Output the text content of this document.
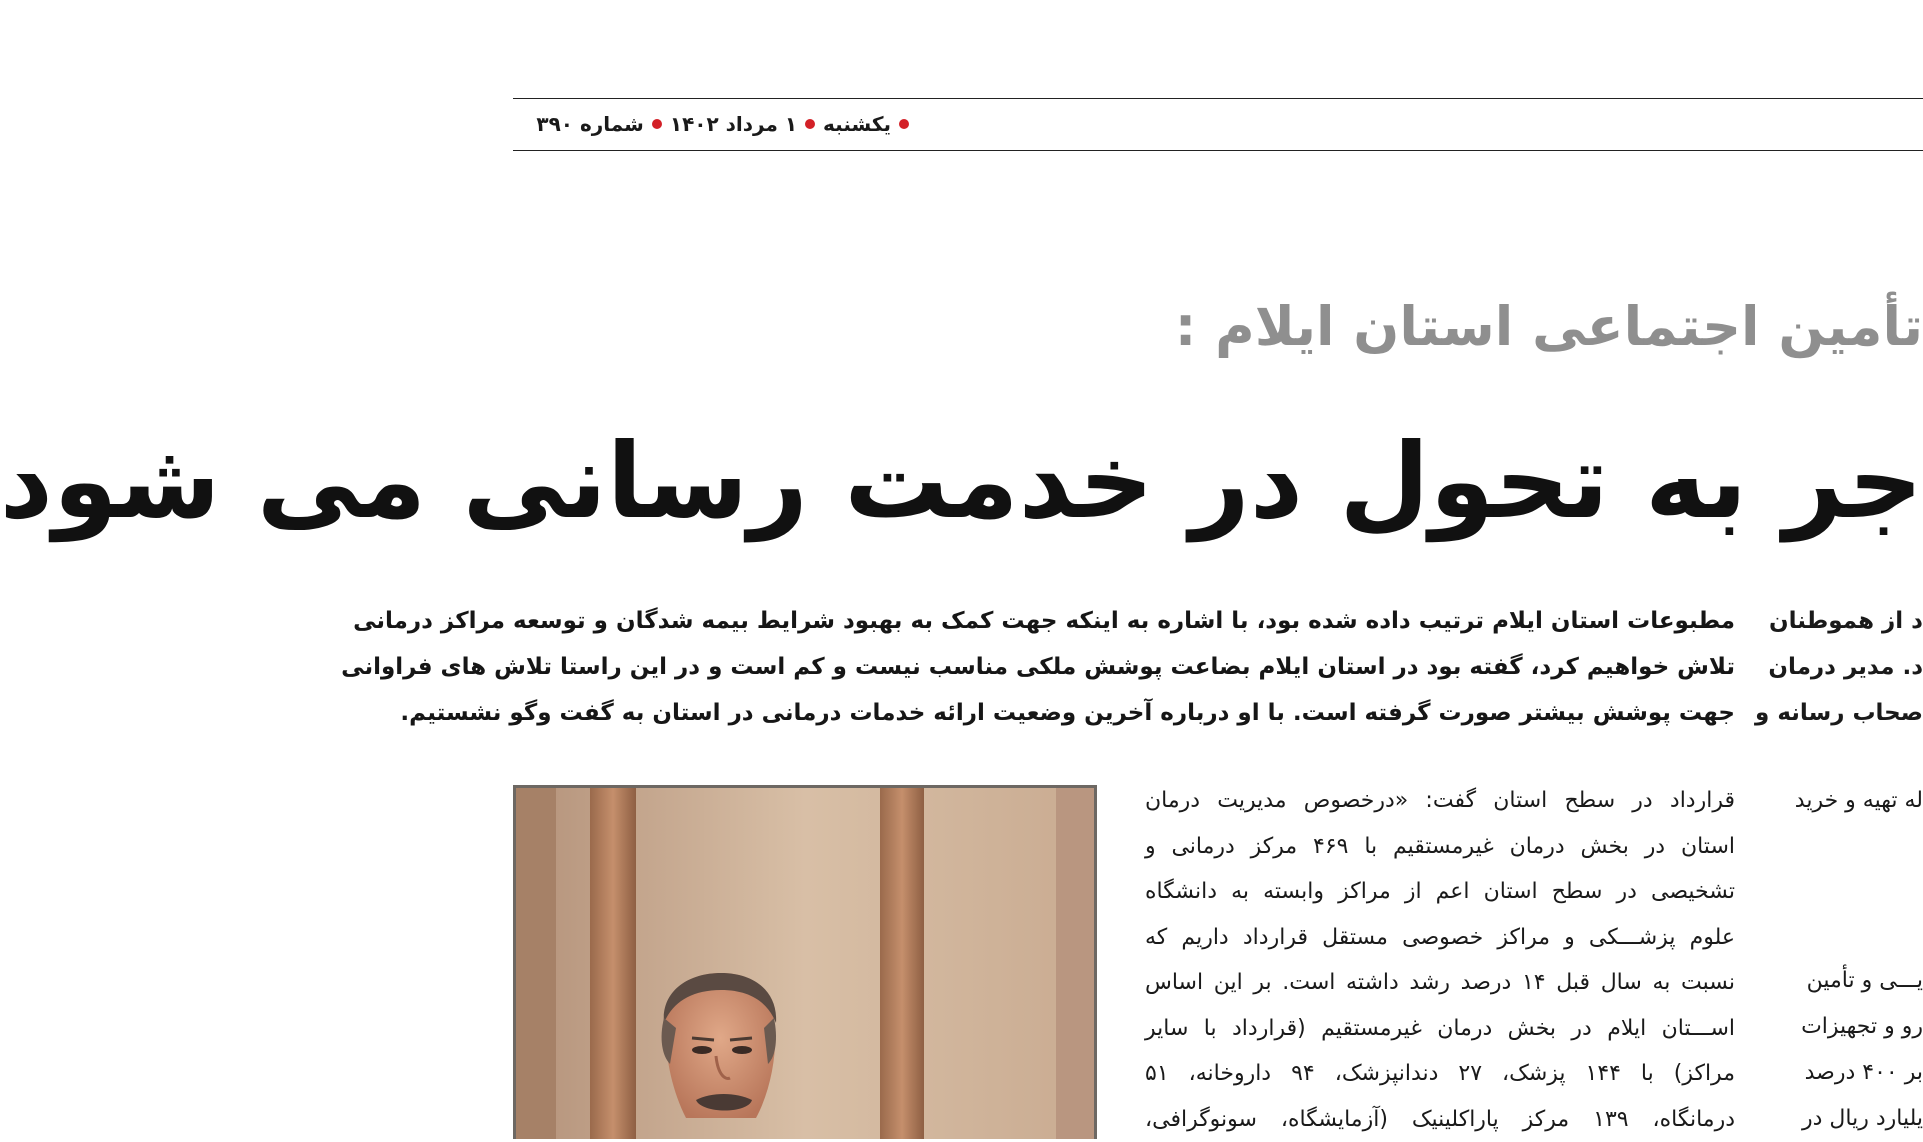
یکشنبه
۱ مرداد ۱۴۰۲
شماره ۳۹۰
تأمین اجتماعی استان ایلام :
جر به تحول در خدمت رسانی می شود
مطبوعات استان ایلام ترتیب داده شده بود، با اشاره به اینکه جهت کمک به بهبود شرایط بیمه شدگان و توسعه مراکز درمانی
تلاش خواهیم کرد، گفته بود در استان ایلام بضاعت پوشش ملکی مناسب نیست و کم است و در این راستا تلاش های فراوانی
جهت پوشش بیشتر صورت گرفته است. با او درباره آخرین وضعیت ارائه خدمات درمانی در استان به گفت وگو نشستیم.
د از هموطنان
د. مدیر درمان
صحاب رسانه و
له تهیه و خرید
یـــی و تأمین
رو و تجهیزات
بر ۴۰۰ درصد
یلیارد ریال در
قرارداد در سطح استان گفت: «درخصوص مدیریت درمان
استان در بخش درمان غیرمستقیم با ۴۶۹ مرکز درمانی و
تشخیصی در سطح استان اعم از مراکز وابسته به دانشگاه
علوم پزشـــکی و مراکز خصوصی مستقل قرارداد داریم که
نسبت به سال قبل ۱۴ درصد رشد داشته است. بر این اساس
اســـتان ایلام در بخش درمان غیرمستقیم (قرارداد با سایر
مراکز) با ۱۴۴ پزشک، ۲۷ دندانپزشک، ۹۴ داروخانه، ۵۱
درمانگاه، ۱۳۹ مرکز پاراکلینیک (آزمایشگاه، سونوگرافی،
